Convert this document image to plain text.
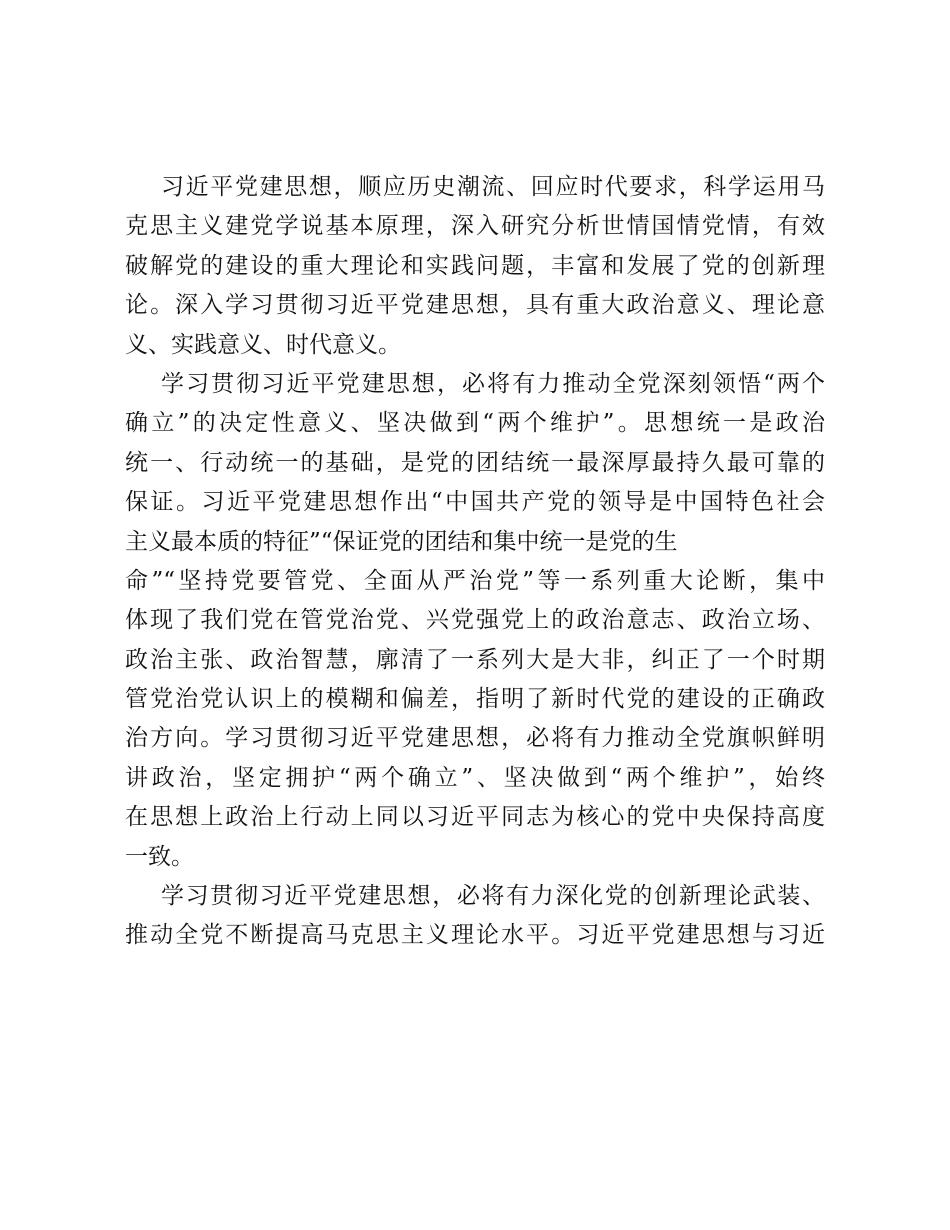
习近平党建思想，顺应历史潮流、回应时代要求，科学运用马
克思主义建党学说基本原理，深入研究分析世情国情党情，有效
破解党的建设的重大理论和实践问题，丰富和发展了党的创新理
论。深入学习贯彻习近平党建思想，具有重大政治意义、理论意
义、实践意义、时代意义。
学习贯彻习近平党建思想，必将有力推动全党深刻领悟“两个
确立”的决定性意义、坚决做到“两个维护”。思想统一是政治
统一、行动统一的基础，是党的团结统一最深厚最持久最可靠的
保证。习近平党建思想作出“中国共产党的领导是中国特色社会
主义最本质的特征”“保证党的团结和集中统一是党的生
命”“坚持党要管党、全面从严治党”等一系列重大论断，集中
体现了我们党在管党治党、兴党强党上的政治意志、政治立场、
政治主张、政治智慧，廓清了一系列大是大非，纠正了一个时期
管党治党认识上的模糊和偏差，指明了新时代党的建设的正确政
治方向。学习贯彻习近平党建思想，必将有力推动全党旗帜鲜明
讲政治，坚定拥护“两个确立”、坚决做到“两个维护”，始终
在思想上政治上行动上同以习近平同志为核心的党中央保持高度
一致。
学习贯彻习近平党建思想，必将有力深化党的创新理论武装、
推动全党不断提高马克思主义理论水平。习近平党建思想与习近
